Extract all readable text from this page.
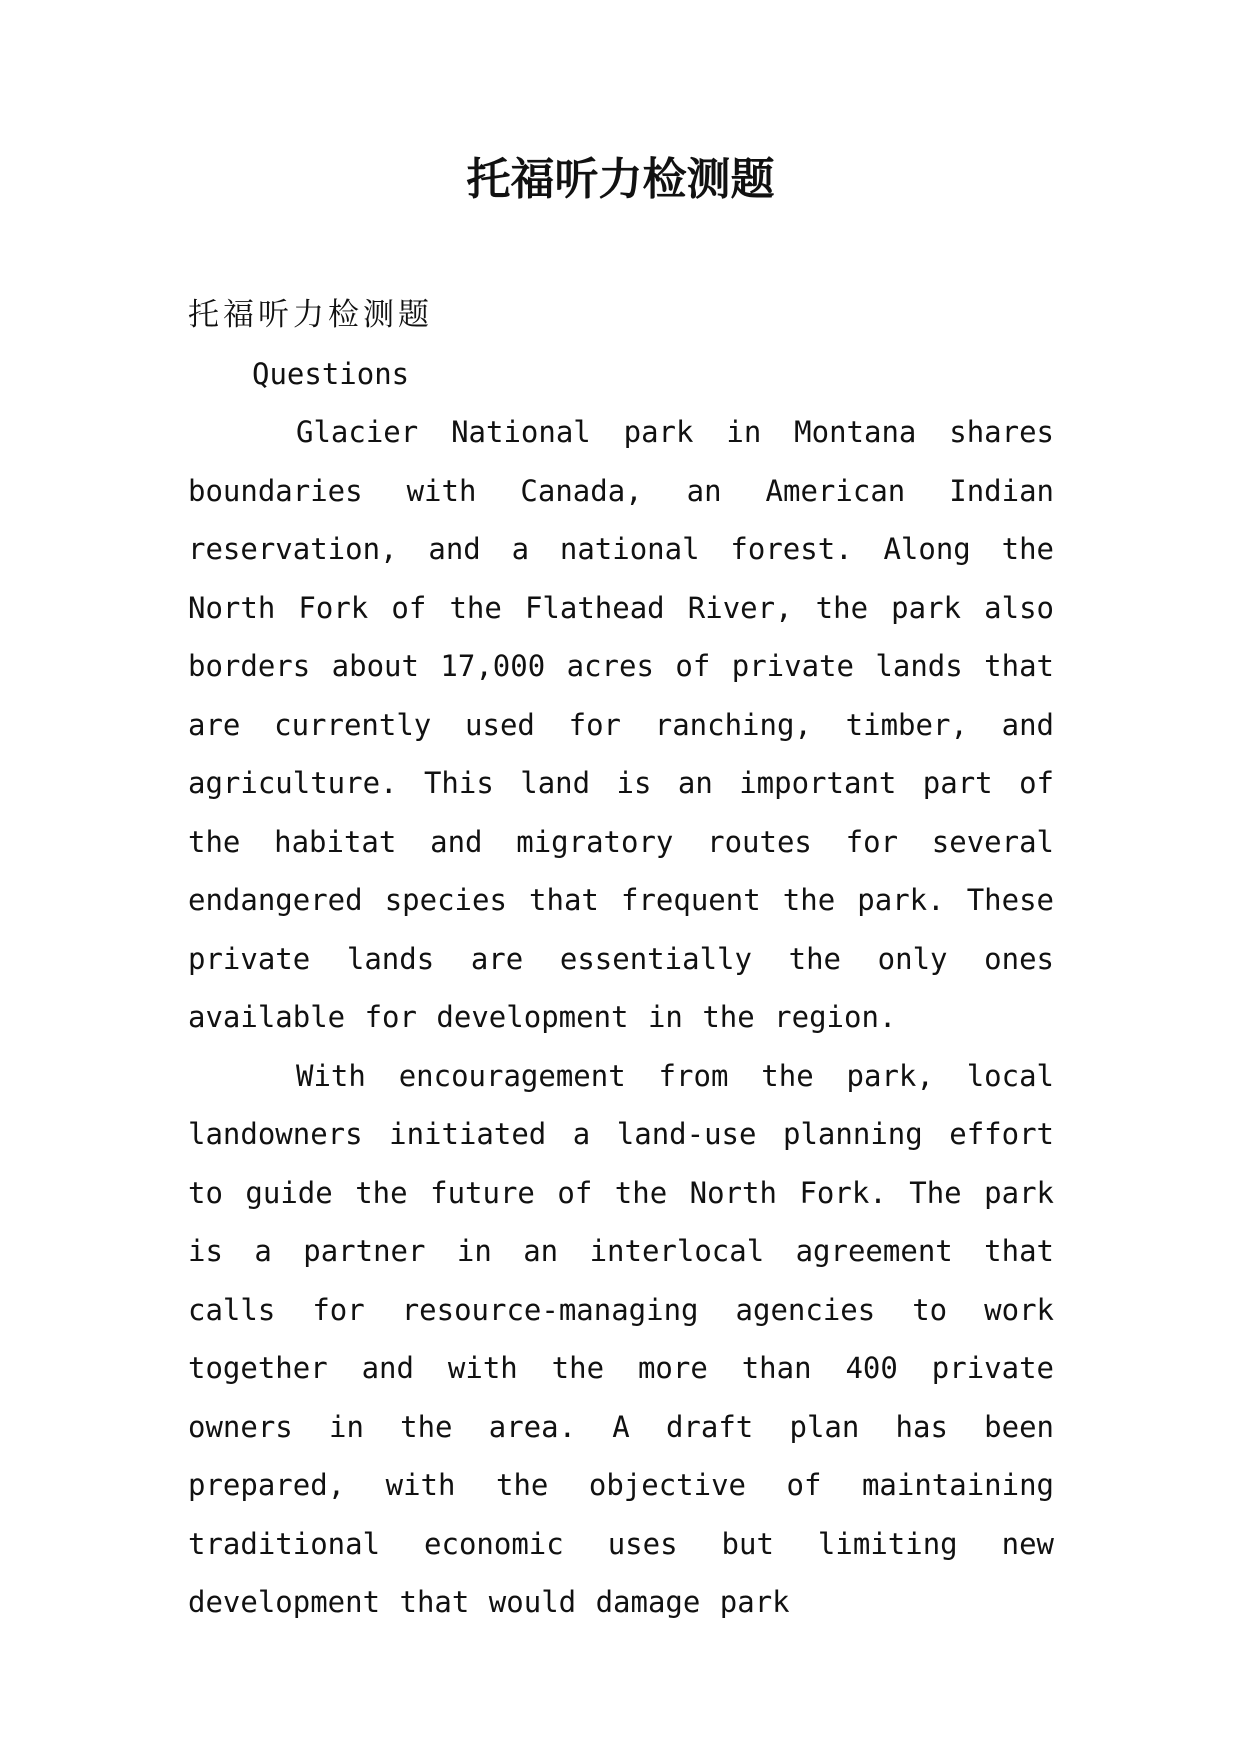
托福听力检测题

托福听力检测题

Questions

Glacier National park in Montana shares boundaries with Canada, an American Indian reservation, and a national forest. Along the North Fork of the Flathead River, the park also borders about 17,000 acres of private lands that are currently used for ranching, timber, and agriculture. This land is an important part of the habitat and migratory routes for several endangered species that frequent the park. These private lands are essentially the only ones available for development in the region.

With encouragement from the park, local landowners initiated a land-use planning effort to guide the future of the North Fork. The park is a partner in an interlocal agreement that calls for resource-managing agencies to work together and with the more than 400 private owners in the area. A draft plan has been prepared, with the objective of maintaining traditional economic uses but limiting new development that would damage park
